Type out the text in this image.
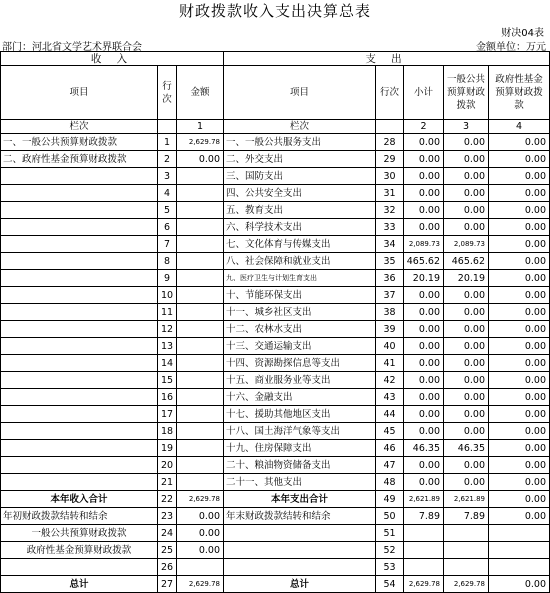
财政拨款收入支出决算总表
财决04表
部门：河北省文学艺术界联合会	金额单位：万元
收 入			支 出				
项目	行次	金额	项目	行次	小计	一般公共预算财政拨款	政府性基金预算财政拨款
栏次		1	栏次		2	3	4
一、一般公共预算财政拨款	1	2,629.78	一、一般公共服务支出	28	0.00	0.00	0.00
二、政府性基金预算财政拨款	2	0.00	二、外交支出	29	0.00	0.00	0.00
	3		三、国防支出	30	0.00	0.00	0.00
	4		四、公共安全支出	31	0.00	0.00	0.00
	5		五、教育支出	32	0.00	0.00	0.00
	6		六、科学技术支出	33	0.00	0.00	0.00
	7		七、文化体育与传媒支出	34	2,089.73	2,089.73	0.00
	8		八、社会保障和就业支出	35	465.62	465.62	0.00
	9		九、医疗卫生与计划生育支出	36	20.19	20.19	0.00
	10		十、节能环保支出	37	0.00	0.00	0.00
	11		十一、城乡社区支出	38	0.00	0.00	0.00
	12		十二、农林水支出	39	0.00	0.00	0.00
	13		十三、交通运输支出	40	0.00	0.00	0.00
	14		十四、资源勘探信息等支出	41	0.00	0.00	0.00
	15		十五、商业服务业等支出	42	0.00	0.00	0.00
	16		十六、金融支出	43	0.00	0.00	0.00
	17		十七、援助其他地区支出	44	0.00	0.00	0.00
	18		十八、国土海洋气象等支出	45	0.00	0.00	0.00
	19		十九、住房保障支出	46	46.35	46.35	0.00
	20		二十、粮油物资储备支出	47	0.00	0.00	0.00
	21		二十一、其他支出	48	0.00	0.00	0.00
本年收入合计	22	2,629.78	本年支出合计	49	2,621.89	2,621.89	0.00
年初财政拨款结转和结余	23	0.00	年末财政拨款结转和结余	50	7.89	7.89	0.00
一般公共预算财政拨款	24	0.00		51			
政府性基金预算财政拨款	25	0.00		52			
	26			53			
总计	27	2,629.78	总计	54	2,629.78	2,629.78	0.00
